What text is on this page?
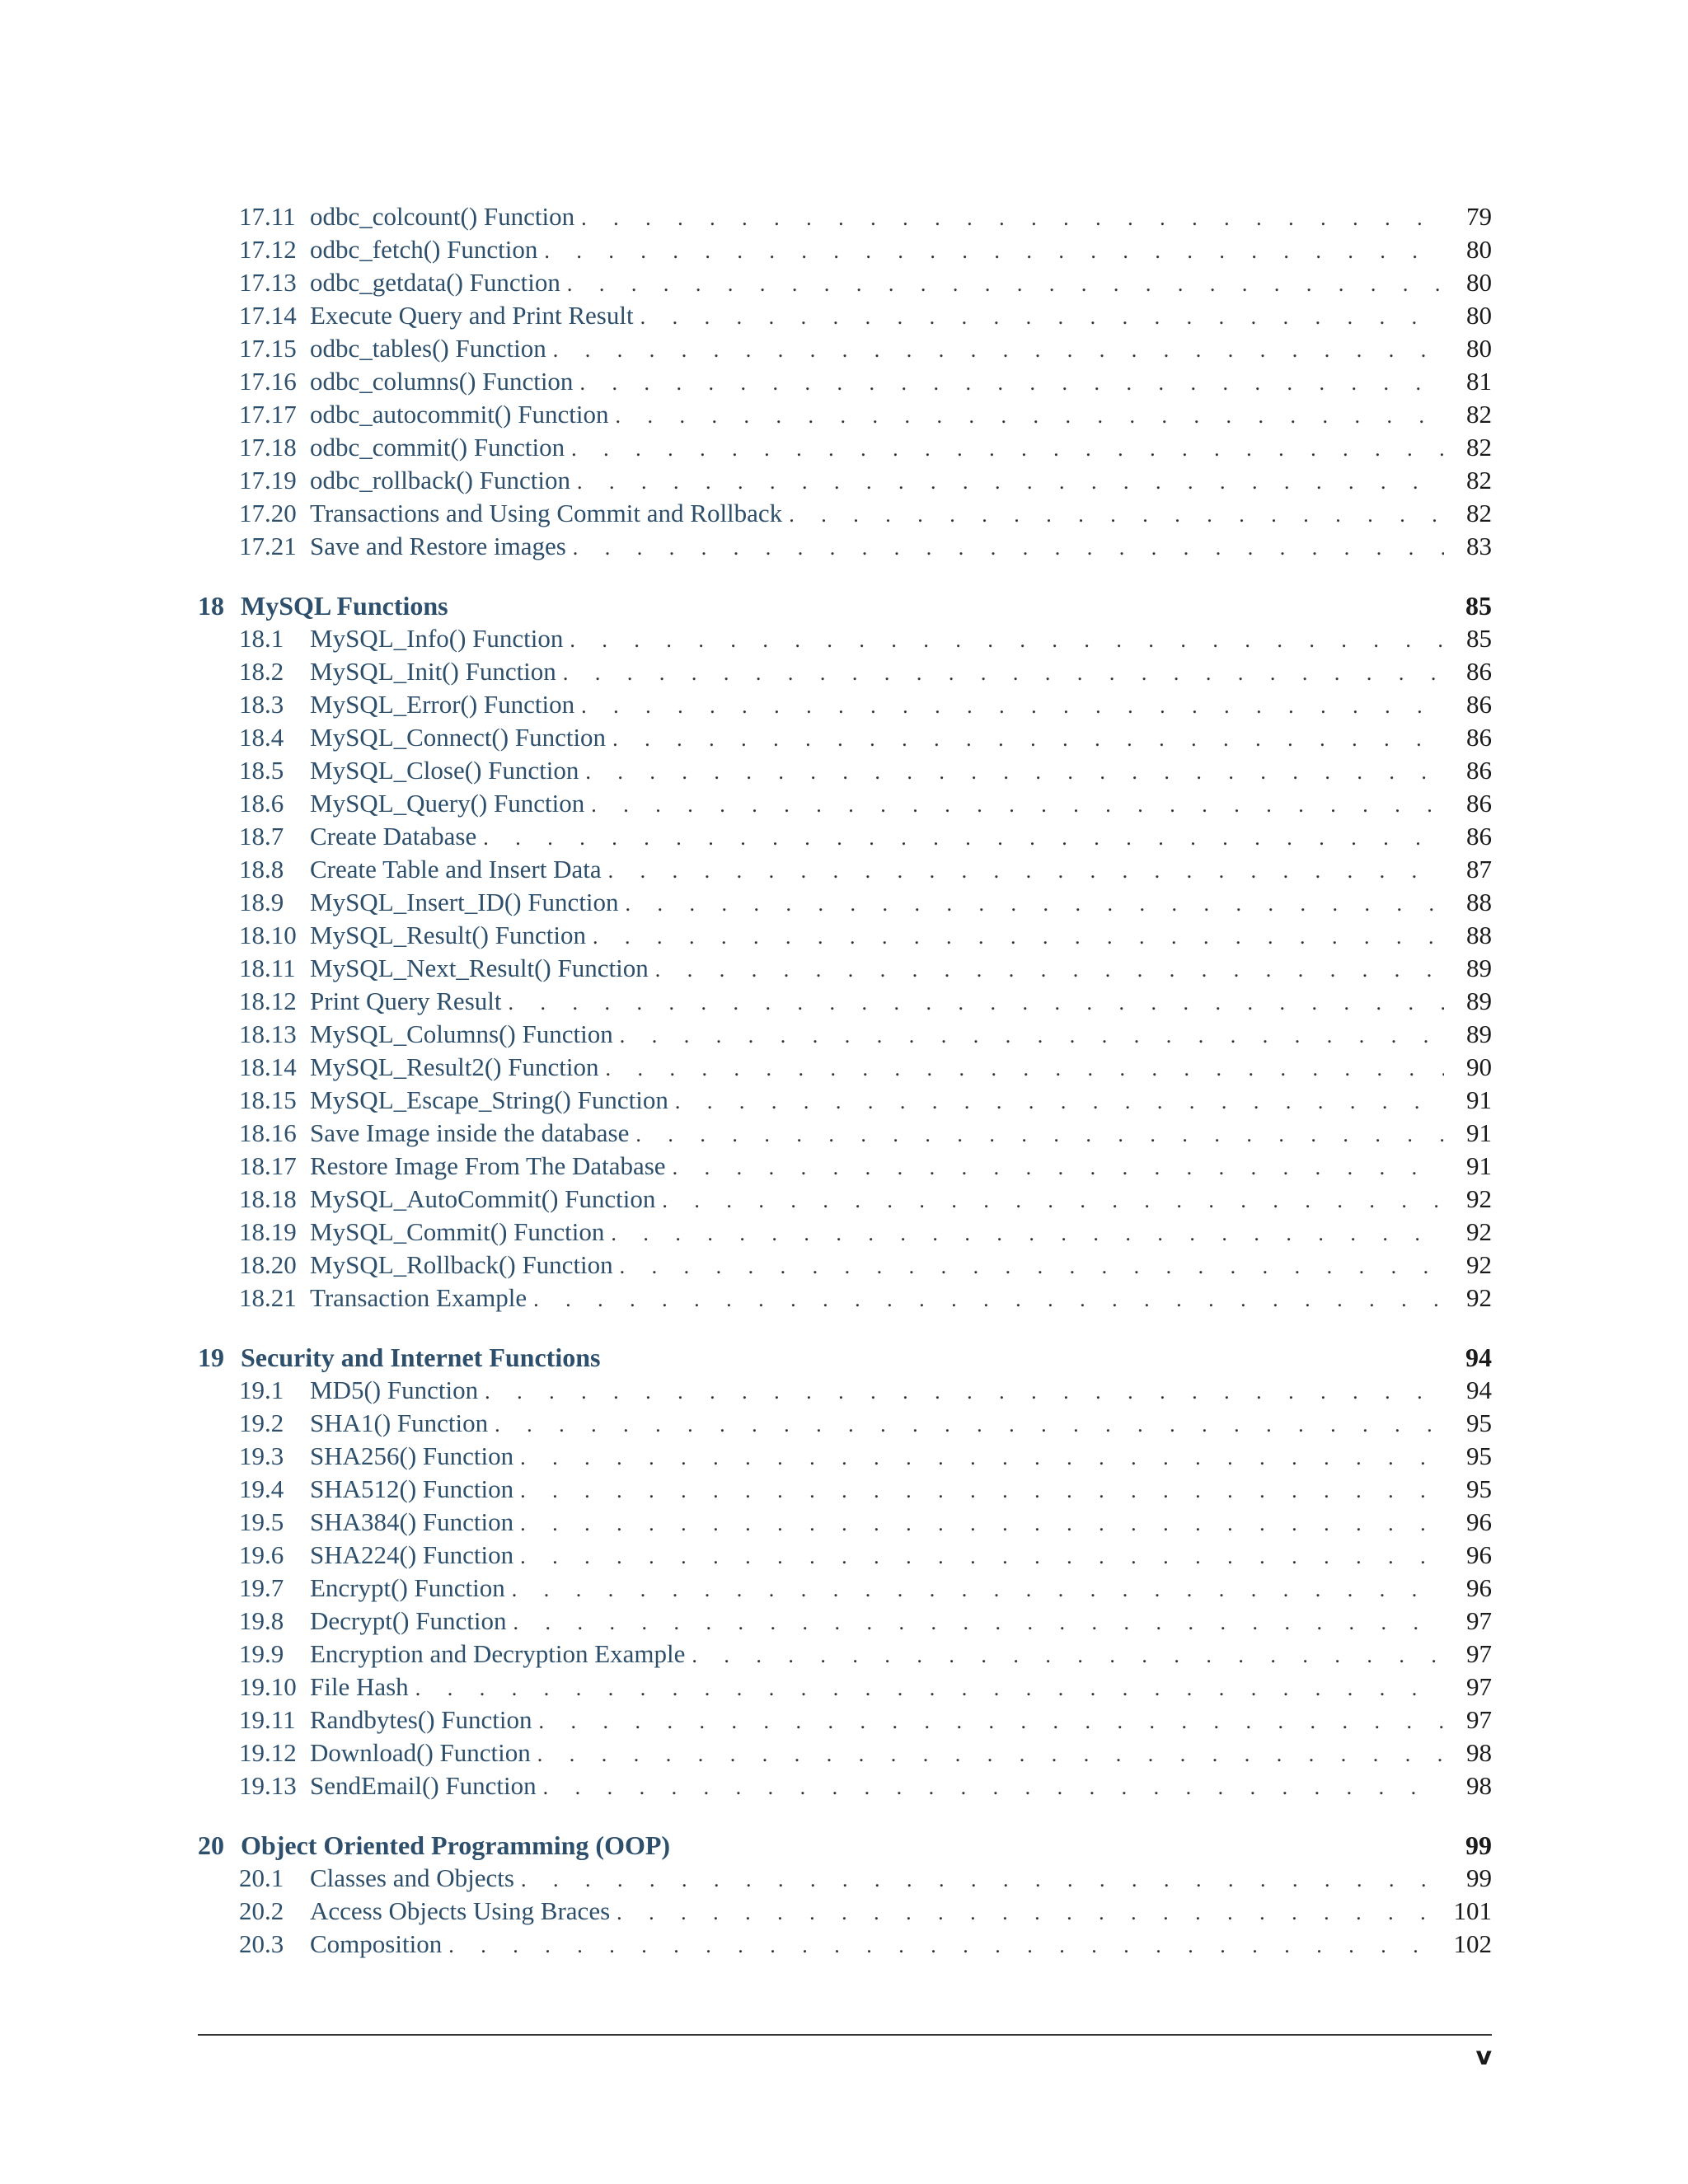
17.11 odbc_colcount() Function . . .	79
17.12 odbc_fetch() Function . . .	80
17.13 odbc_getdata() Function . . .	80
17.14 Execute Query and Print Result . . .	80
17.15 odbc_tables() Function . . .	80
17.16 odbc_columns() Function . . .	81
17.17 odbc_autocommit() Function . . .	82
17.18 odbc_commit() Function . . .	82
17.19 odbc_rollback() Function . . .	82
17.20 Transactions and Using Commit and Rollback . . .	82
17.21 Save and Restore images . . .	83
18 MySQL Functions	85
18.1	MySQL_Info() Function . . .	85
18.2	MySQL_Init() Function . . .	86
18.3	MySQL_Error() Function . . .	86
18.4	MySQL_Connect() Function . . .	86
18.5	MySQL_Close() Function . . .	86
18.6	MySQL_Query() Function . . .	86
18.7	Create Database . . .	86
18.8	Create Table and Insert Data . . .	87
18.9	MySQL_Insert_ID() Function . . .	88
18.10 MySQL_Result() Function . . .	88
18.11 MySQL_Next_Result() Function . . .	89
18.12 Print Query Result . . .	89
18.13 MySQL_Columns() Function . . .	89
18.14 MySQL_Result2() Function . . .	90
18.15 MySQL_Escape_String() Function . . .	91
18.16 Save Image inside the database . . .	91
18.17 Restore Image From The Database . . .	91
18.18 MySQL_AutoCommit() Function . . .	92
18.19 MySQL_Commit() Function . . .	92
18.20 MySQL_Rollback() Function . . .	92
18.21 Transaction Example . . .	92
19 Security and Internet Functions	94
19.1	MD5() Function . . .	94
19.2	SHA1() Function . . .	95
19.3	SHA256() Function . . .	95
19.4	SHA512() Function . . .	95
19.5	SHA384() Function . . .	96
19.6	SHA224() Function . . .	96
19.7	Encrypt() Function . . .	96
19.8	Decrypt() Function . . .	97
19.9	Encryption and Decryption Example . . .	97
19.10 File Hash . . .	97
19.11 Randbytes() Function . . .	97
19.12 Download() Function . . .	98
19.13 SendEmail() Function . . .	98
20 Object Oriented Programming (OOP)	99
20.1	Classes and Objects . . .	99
20.2	Access Objects Using Braces . . .	101
20.3	Composition . . .	102
v
